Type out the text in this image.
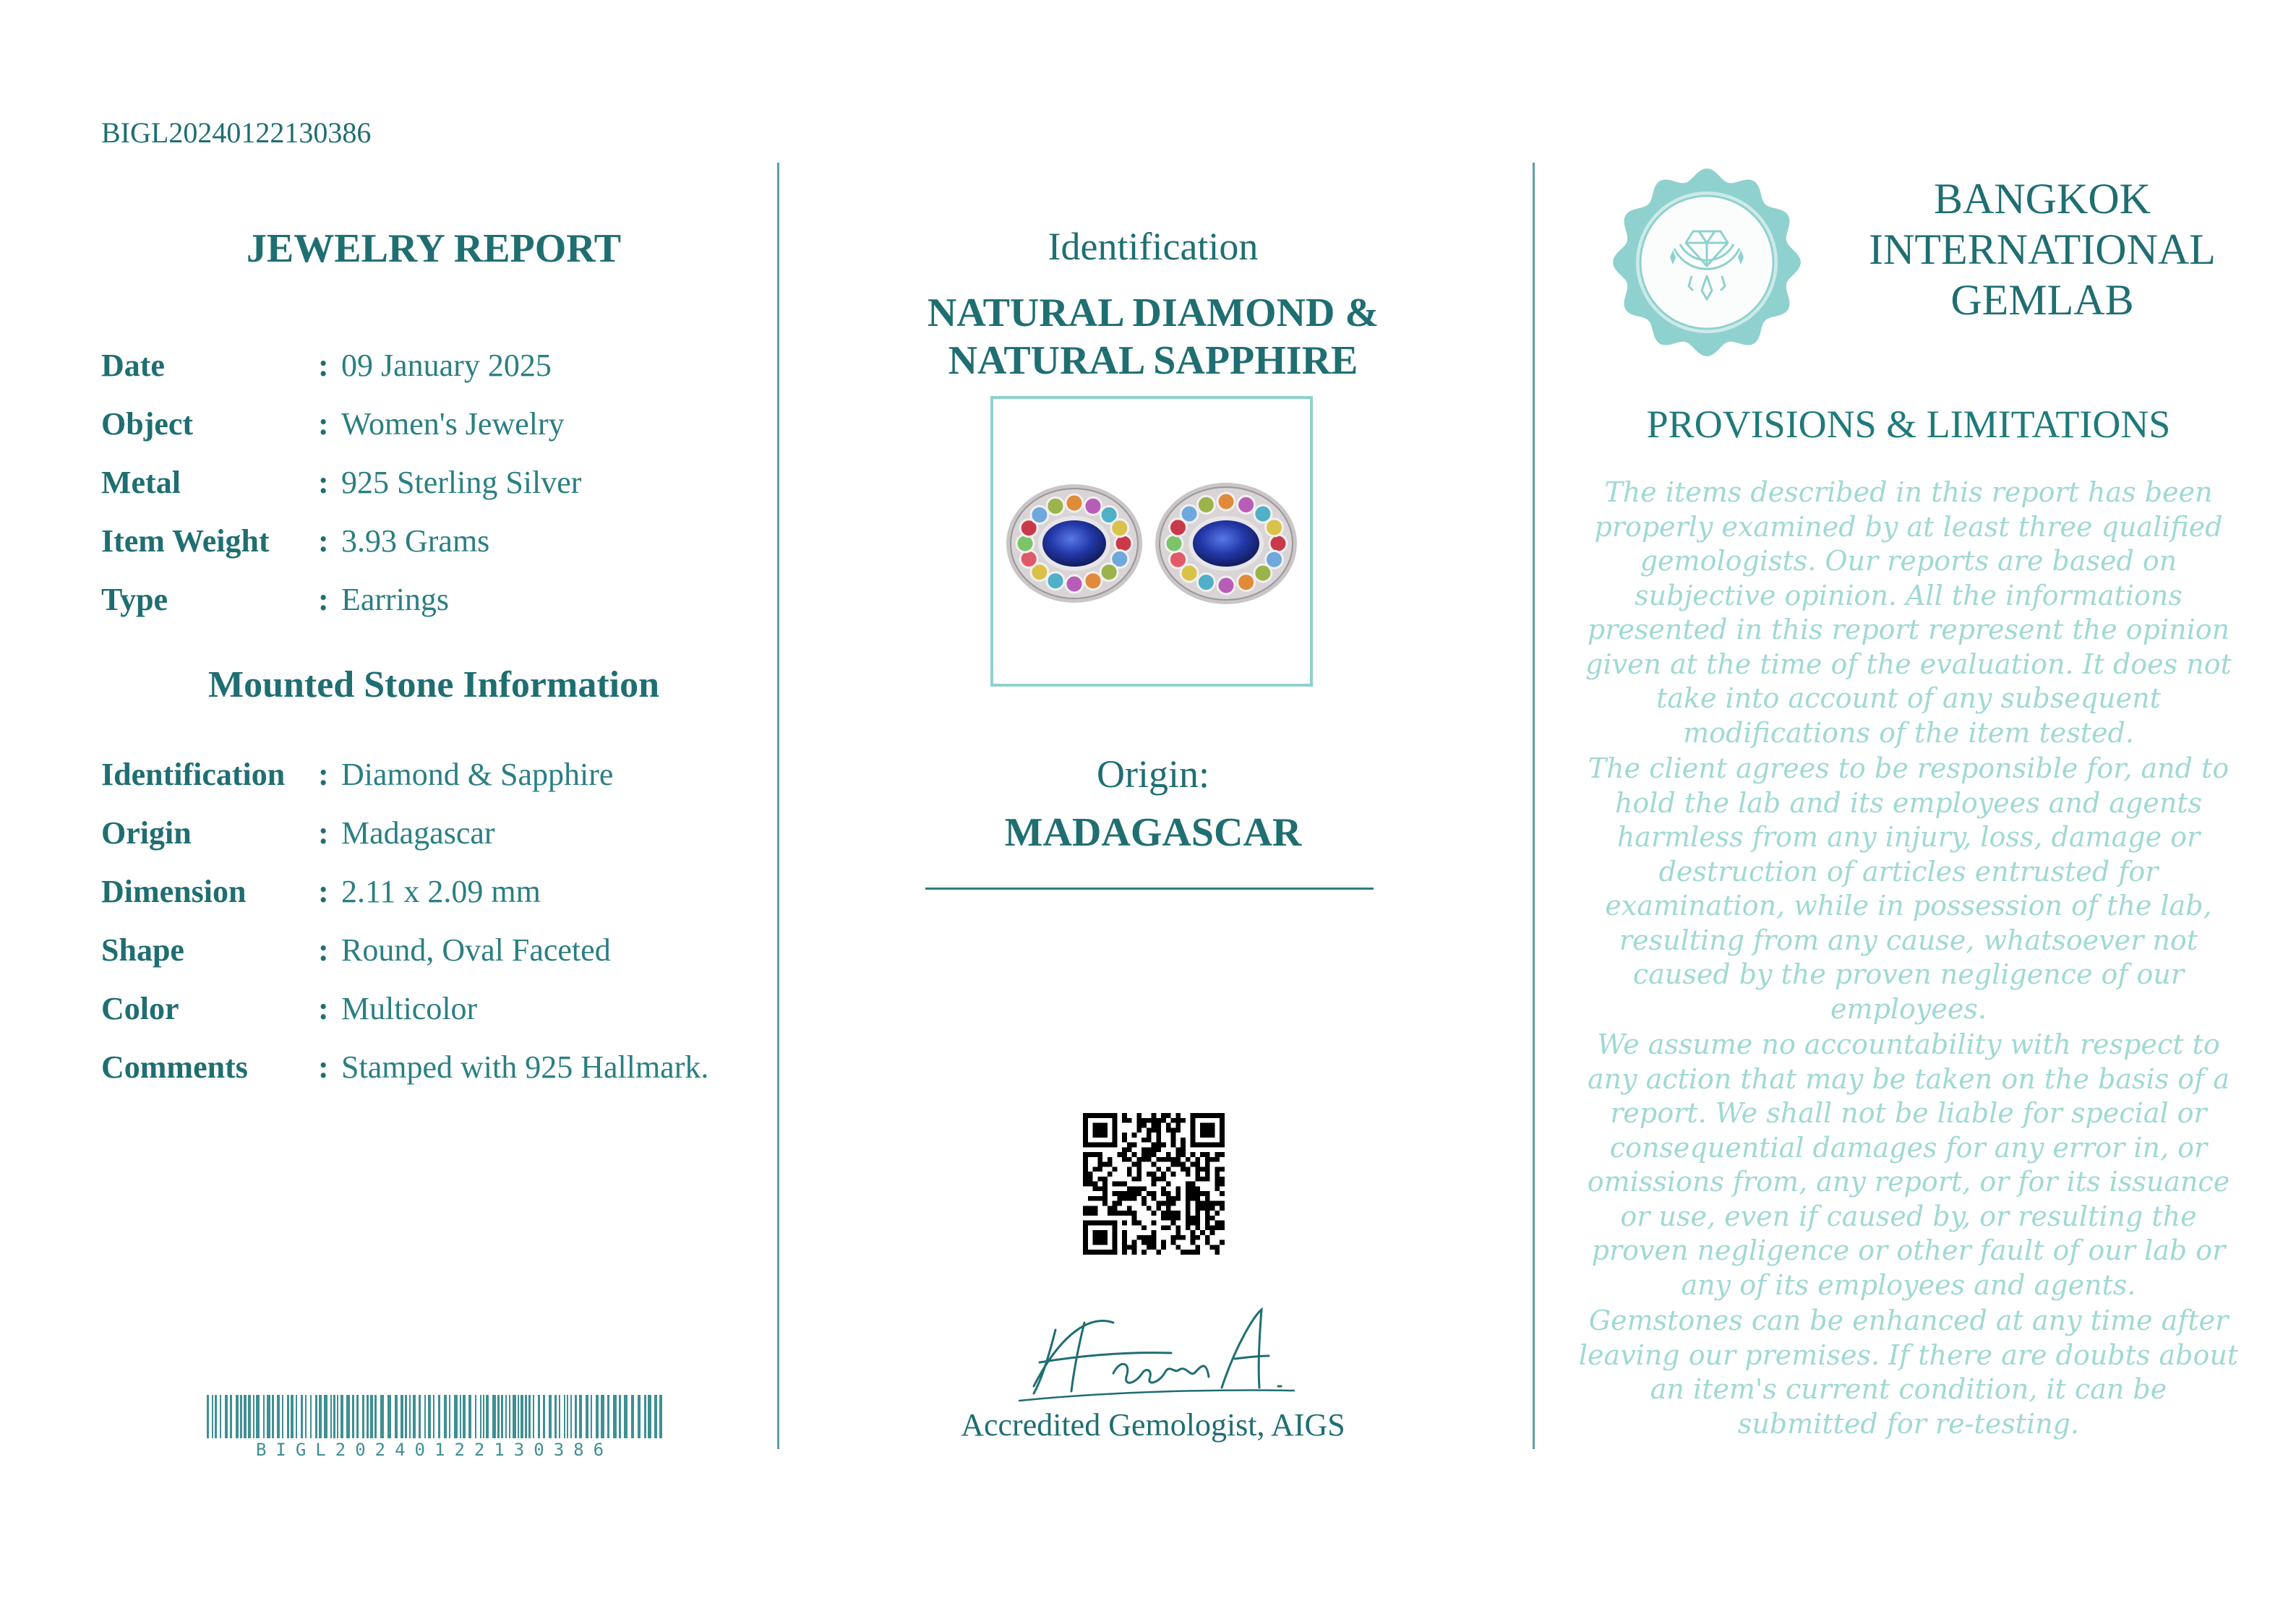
BIGL20240122130386
JEWELRY REPORT
Date	: 09 January 2025
Object	: Women's Jewelry
Metal	: 925 Sterling Silver
Item Weight : 3.93 Grams
Type	: Earrings
Mounted Stone Information
Identification : Diamond & Sapphire
Origin	: Madagascar
Dimension : 2.11 x 2.09 mm
Shape	: Round, Oval Faceted
Color	: Multicolor
Comments : Stamped with 925 Hallmark.
BIGL20240122130386
Identification
NATURAL DIAMOND &
NATURAL SAPPHIRE
Origin:
MADAGASCAR
Accredited Gemologist, AIGS
BANGKOK
INTERNATIONAL
GEMLAB
PROVISIONS & LIMITATIONS
The items described in this report has been properly examined by at least three qualified gemologists. Our reports are based on subjective opinion. All the informations presented in this report represent the opinion given at the time of the evaluation. It does not take into account of any subsequent modifications of the item tested.
The client agrees to be responsible for, and to hold the lab and its employees and agents harmless from any injury, loss, damage or destruction of articles entrusted for examination, while in possession of the lab, resulting from any cause, whatsoever not caused by the proven negligence of our employees.
We assume no accountability with respect to any action that may be taken on the basis of a report. We shall not be liable for special or consequential damages for any error in, or omissions from, any report, or for its issuance or use, even if caused by, or resulting the proven negligence or other fault of our lab or any of its employees and agents.
Gemstones can be enhanced at any time after leaving our premises. If there are doubts about an item's current condition, it can be submitted for re-testing.
